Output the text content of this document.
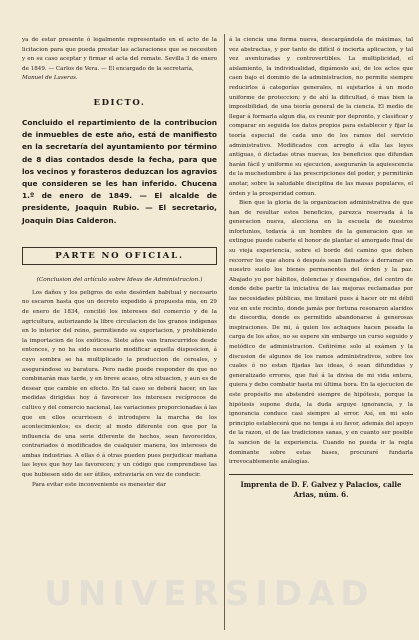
ya de estar presente ó legalmente representado en el acto de la licitacion para que pueda prestar las aclaraciones que se necesiten y en su caso aceptar y firmar el acta del remate. Sevilla 3 de enero de 1849. — Carlos de Vera. — El encargado de la secretaría,

Manuel de Laseras.

EDICTO.

Concluido el repartimiento de la contribucion de inmuebles de este año, está de manifiesto en la secretaría del ayuntamiento por término de 8 dias contados desde la fecha, para que los vecinos y forasteros deduzcan los agravios que consideren se les han inferido. Chucena 1.º de enero de 1849. — El alcalde de presidente, Joaquin Rubio. — El secretario, Joaquin Dias Calderon.

PARTE NO OFICIAL.
(Conclusion del artículo sobre Ideas de Administracion.)

Los daños y los peligros de este desórden habitual y necesario no escaron hasta que un decreto expedido á propuesta mia, en 29 de enero de 1834, concilió los intereses del comercio y de la agricultura, autorizando la libre circulacion de los granos indígenas en lo interior del reino, permitiendo su exportacion, y prohibiendo la importacion de los exóticos. Siete años van transcurridos desde entonces, y no ha sido necesario modificar aquella disposicion, á cuyo sombra se ha multiplicado la produccion de cereales, y asegurándose su baratura. Pero nadie puede responder de que no combinarán mas tarde, y en breve acaso, otra situacion, y aun es de desear que cambie en efecto. En tal caso se deberá hacer, en las medidas dirigidas hoy á favorecer los intereses recíprocos de cultivo y del comercio nacional, las variaciones proporcionadas á las que en ellos ocurriesen ó introdujere la marcha de los acontecimientos; es decir, al modo diferente con que por la influencia de una serie diferente de hechos, sean favorecidos, contrariados ó modificados de cualquier manera, los intereses de ambas industrias. A ellas ó á otras pueden pues perjudicar mañana las leyes que hoy las favorecen; y un código que comprendiese las que hubiesen sido de ser útiles, extraviaría en vez de conducir.

Para evitar este inconveniente es menester dar

á la ciencia una forma nueva, descargándola de máximas, tal vez abstractas, y por tanto de difícil ó incierta aplicacion, y tal vez aventuradas y controvertibles. La multiplicidad, el aislamiento, la individualidad, digámoslo así, de los actos que caen bajo el dominio de la administracion, no permite siempre reducirlos á categorías generales, ni sujetarlos á un modo uniforme de proteccion; y de ahí la dificultad, ó mas bien la imposibilidad, de una teoría general de la ciencia. El medio de llegar á formarla algun dia, es reunir por depronto, y clasificar y comparar en seguida los datos propios para establecer y fijar la teoría especial de cada uno de los ramos del servicio administrativo. Modificados con arreglo á ella las leyes antiguas, ó dictadas otras nuevas, los beneficios que difundan harán fácil y uniforme su ejecucion, asegurarán la aquiescencia de la muchedumbre á las prescripciones del poder, y permitirán anotar, sobre la saludable disciplina de las masas populares, el órden y la prosperidad comun.

Bien que la gloria de la organizacion administrativa de que han de resultar estos beneficios, parezca reservada á la generacion nueva, alecciona en la escuela de nuestros infortunios, todavía á un hombre de la generacion que se extingue puede caberle el honor de plantar el amorgado final de su vieja experiencia, sobre el borde del camino que deben recorrer los que ahora ó después sean llamados á derramar en nuestro suelo los bienes permanentes del órden y la paz. Abajado yo por hábitos, dolencias y desengaños, del centro de donde debe partir la iniciativa de las mejoras reclamadas por las necesidades públicas, me limitaré pues á hacer oir mi débil voz en este recinto, donde jamás por fortuna resonaron alaridos de discordia, donde es permitido abandonarse á generosas inspiraciones. De mi, á quien los achaques hacen pesada la carga de los años, no se espere sin embargo un curso seguido y metódico de administracion. Ceñiréme solo al exámen y la discusion de algunos de los ramos administrativos, sobre los cuales ó no estan fijadas las ideas, ó sean difundidas y generalizado errores, que fué á la divisa de mi vida entera, quiera y debo combatir hasta mi última hora. En la ejecucion de este propósito me abstendré siempre de hipótesis, porque la hipótesis supone duda, la duda arguye ignorancia, y la ignorancia conduce casi siempre al error. Así, en mi solo principio establecerá que no tenga á su favor, además del apoyo de la razon, el de las tradiciones sanas, y en cuanto ser posible la sancion de la experiencia. Cuando no pueda ir la regla dominante sobre estas bases, procuraré fundarla irrevocablemente análogías.

Imprenta de D. F. Galvez y Palacios, calle Arias, núm. 6.
UNIVERSIDAD
